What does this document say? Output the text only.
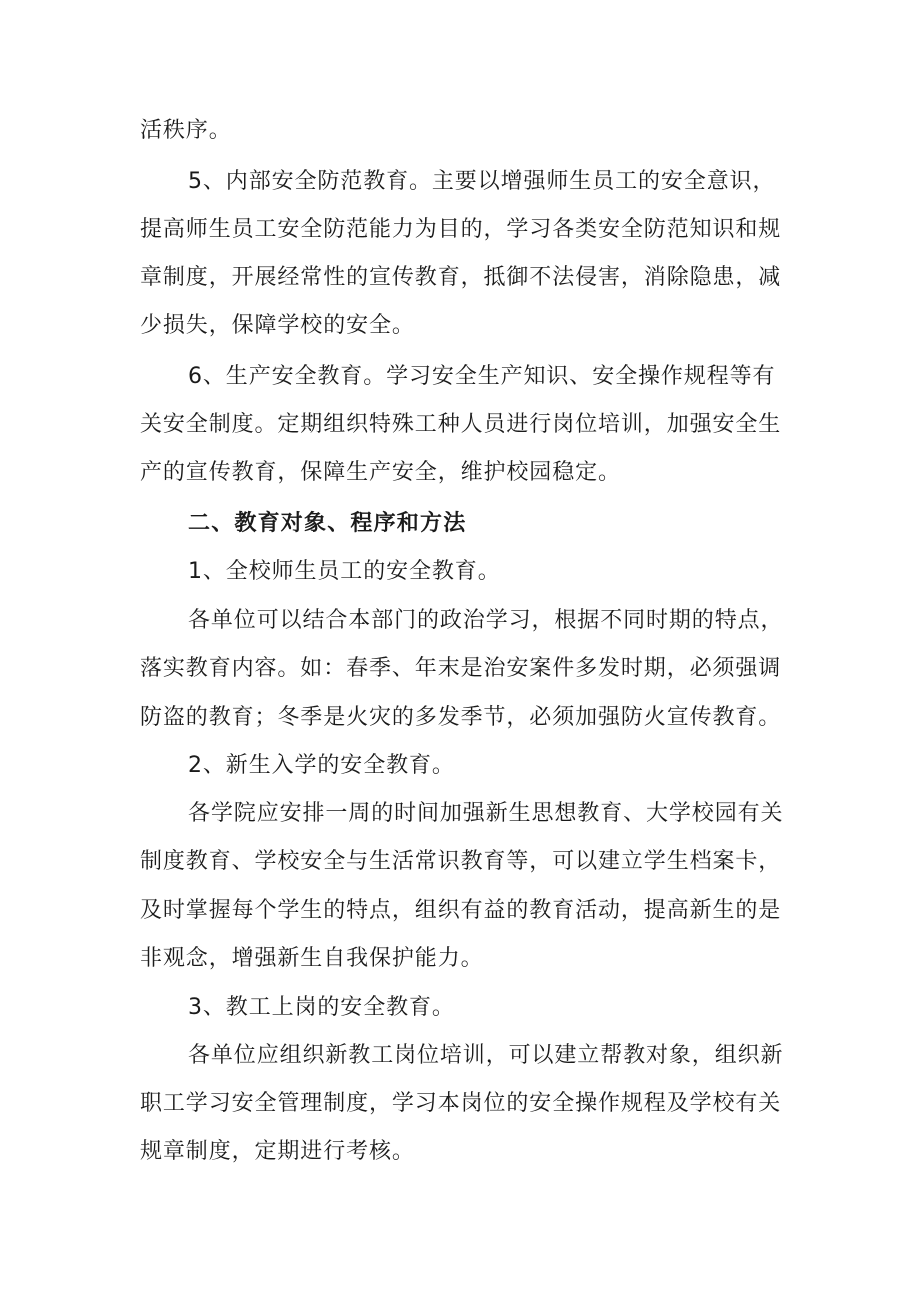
活秩序。
5、内部安全防范教育。主要以增强师生员工的安全意识，
提高师生员工安全防范能力为目的，学习各类安全防范知识和规
章制度，开展经常性的宣传教育，抵御不法侵害，消除隐患，减
少损失，保障学校的安全。
6、生产安全教育。学习安全生产知识、安全操作规程等有
关安全制度。定期组织特殊工种人员进行岗位培训，加强安全生
产的宣传教育，保障生产安全，维护校园稳定。
二、教育对象、程序和方法
1、全校师生员工的安全教育。
各单位可以结合本部门的政治学习，根据不同时期的特点，
落实教育内容。如：春季、年末是治安案件多发时期，必须强调
防盗的教育；冬季是火灾的多发季节，必须加强防火宣传教育。
2、新生入学的安全教育。
各学院应安排一周的时间加强新生思想教育、大学校园有关
制度教育、学校安全与生活常识教育等，可以建立学生档案卡，
及时掌握每个学生的特点，组织有益的教育活动，提高新生的是
非观念，增强新生自我保护能力。
3、教工上岗的安全教育。
各单位应组织新教工岗位培训，可以建立帮教对象，组织新
职工学习安全管理制度，学习本岗位的安全操作规程及学校有关
规章制度，定期进行考核。
